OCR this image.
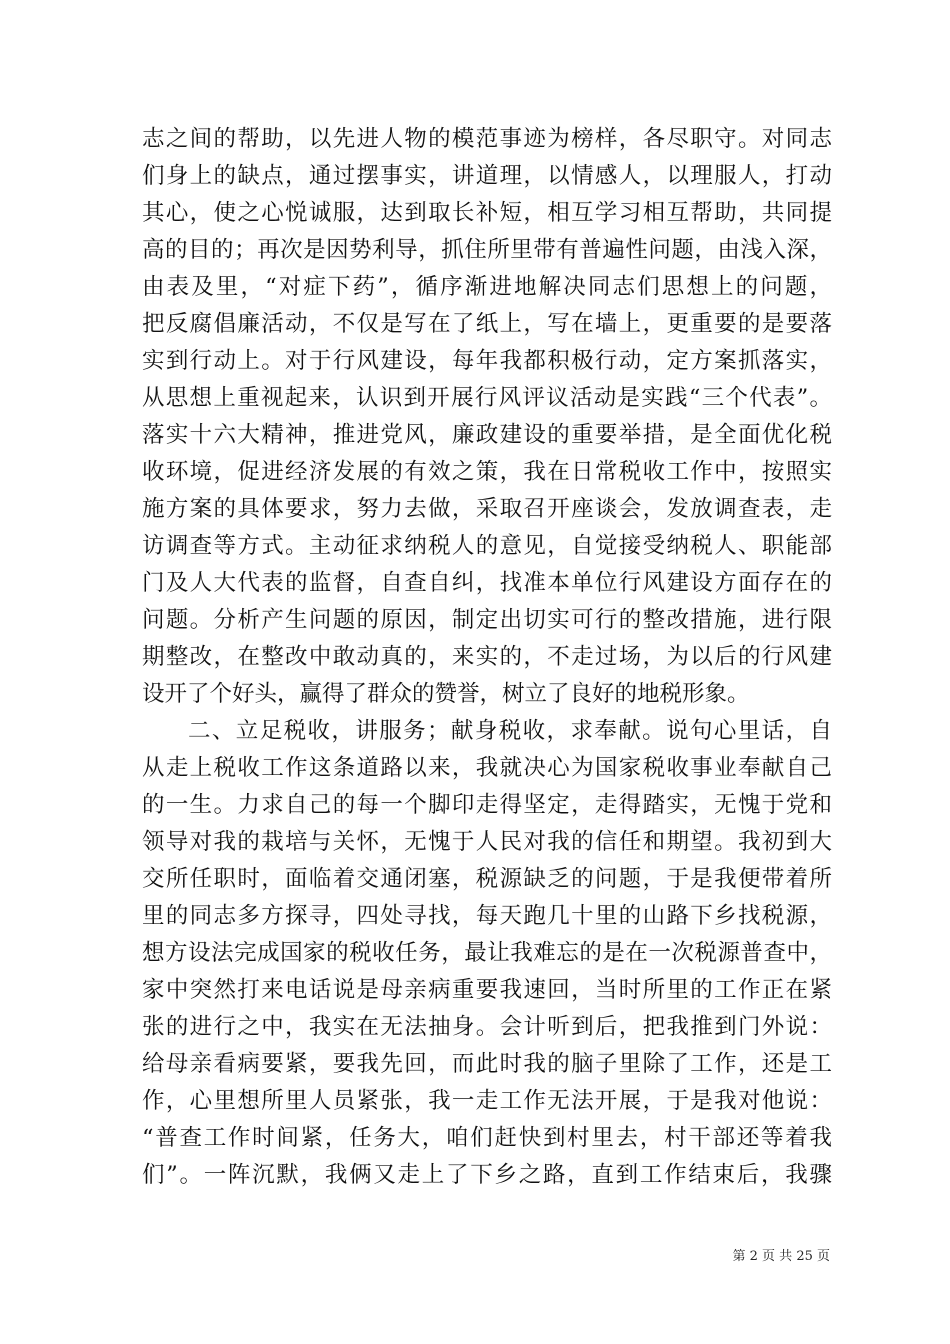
志之间的帮助，以先进人物的模范事迹为榜样，各尽职守。对同志
们身上的缺点，通过摆事实，讲道理，以情感人，以理服人，打动
其心，使之心悦诚服，达到取长补短，相互学习相互帮助，共同提
高的目的；再次是因势利导，抓住所里带有普遍性问题，由浅入深，
由表及里，“对症下药”，循序渐进地解决同志们思想上的问题，
把反腐倡廉活动，不仅是写在了纸上，写在墙上，更重要的是要落
实到行动上。对于行风建设，每年我都积极行动，定方案抓落实，
从思想上重视起来，认识到开展行风评议活动是实践“三个代表”。
落实十六大精神，推进党风，廉政建设的重要举措，是全面优化税
收环境，促进经济发展的有效之策，我在日常税收工作中，按照实
施方案的具体要求，努力去做，采取召开座谈会，发放调查表，走
访调查等方式。主动征求纳税人的意见，自觉接受纳税人、职能部
门及人大代表的监督，自查自纠，找准本单位行风建设方面存在的
问题。分析产生问题的原因，制定出切实可行的整改措施，进行限
期整改，在整改中敢动真的，来实的，不走过场，为以后的行风建
设开了个好头，赢得了群众的赞誉，树立了良好的地税形象。
二、立足税收，讲服务；献身税收，求奉献。说句心里话，自
从走上税收工作这条道路以来，我就决心为国家税收事业奉献自己
的一生。力求自己的每一个脚印走得坚定，走得踏实，无愧于党和
领导对我的栽培与关怀，无愧于人民对我的信任和期望。我初到大
交所任职时，面临着交通闭塞，税源缺乏的问题，于是我便带着所
里的同志多方探寻，四处寻找，每天跑几十里的山路下乡找税源，
想方设法完成国家的税收任务，最让我难忘的是在一次税源普查中，
家中突然打来电话说是母亲病重要我速回，当时所里的工作正在紧
张的进行之中，我实在无法抽身。会计听到后，把我推到门外说：
给母亲看病要紧，要我先回，而此时我的脑子里除了工作，还是工
作，心里想所里人员紧张，我一走工作无法开展，于是我对他说：
“普查工作时间紧，任务大，咱们赶快到村里去，村干部还等着我
们”。一阵沉默，我俩又走上了下乡之路，直到工作结束后，我骤
第 2 页 共 25 页
